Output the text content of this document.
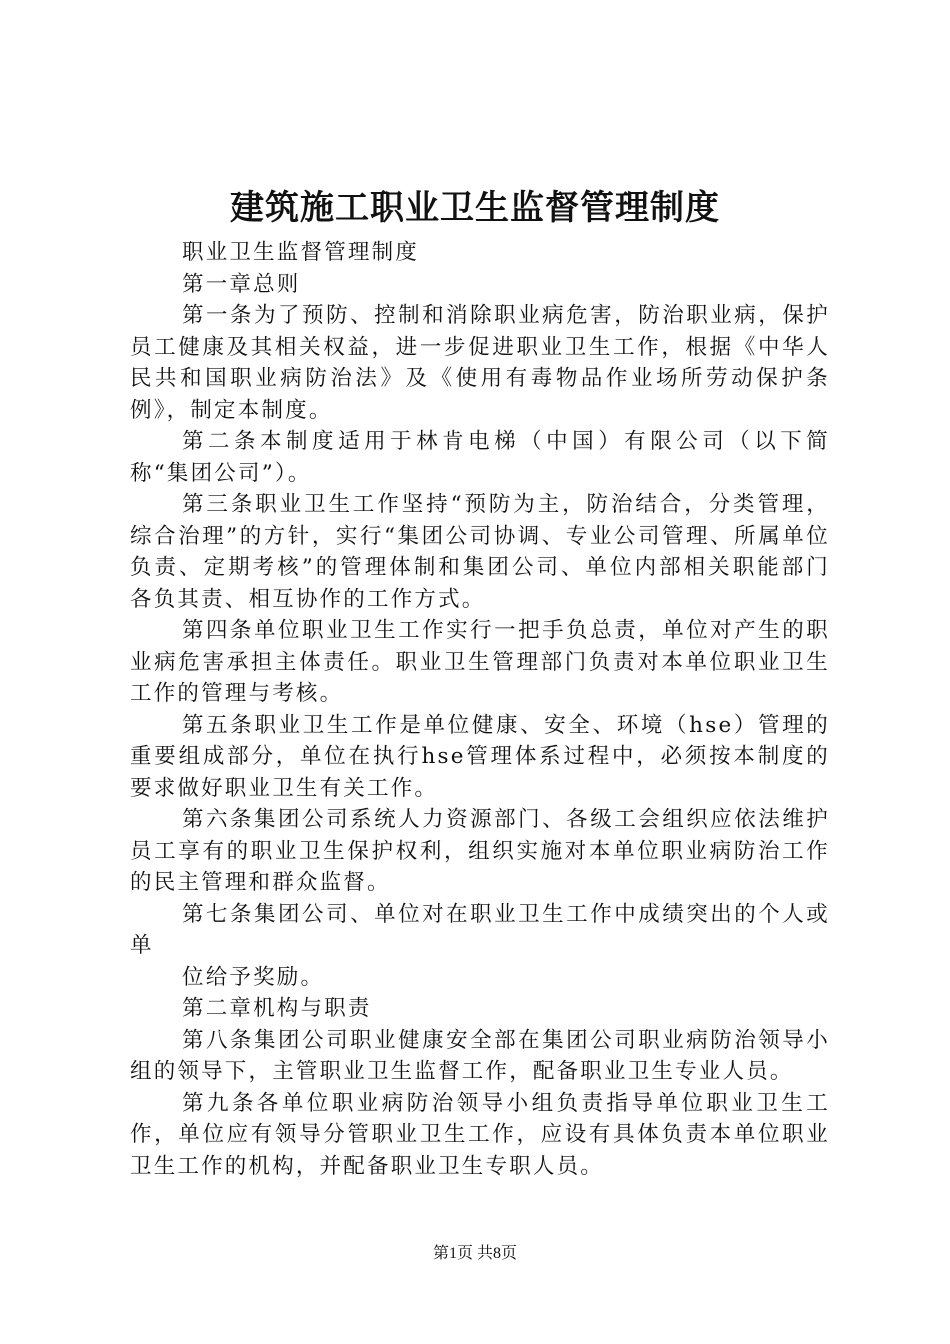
建筑施工职业卫生监督管理制度

职业卫生监督管理制度

第一章总则

第一条为了预防、控制和消除职业病危害，防治职业病，保护员工健康及其相关权益，进一步促进职业卫生工作，根据《中华人民共和国职业病防治法》及《使用有毒物品作业场所劳动保护条例》，制定本制度。

第二条本制度适用于林肯电梯（中国）有限公司（以下简称“集团公司”）。

第三条职业卫生工作坚持“预防为主，防治结合，分类管理，综合治理”的方针，实行“集团公司协调、专业公司管理、所属单位负责、定期考核”的管理体制和集团公司、单位内部相关职能部门各负其责、相互协作的工作方式。

第四条单位职业卫生工作实行一把手负总责，单位对产生的职业病危害承担主体责任。职业卫生管理部门负责对本单位职业卫生工作的管理与考核。

第五条职业卫生工作是单位健康、安全、环境（hse）管理的重要组成部分，单位在执行hse管理体系过程中，必须按本制度的要求做好职业卫生有关工作。

第六条集团公司系统人力资源部门、各级工会组织应依法维护员工享有的职业卫生保护权利，组织实施对本单位职业病防治工作的民主管理和群众监督。

第七条集团公司、单位对在职业卫生工作中成绩突出的个人或单

位给予奖励。

第二章机构与职责

第八条集团公司职业健康安全部在集团公司职业病防治领导小组的领导下，主管职业卫生监督工作，配备职业卫生专业人员。

第九条各单位职业病防治领导小组负责指导单位职业卫生工作，单位应有领导分管职业卫生工作，应设有具体负责本单位职业卫生工作的机构，并配备职业卫生专职人员。

第1页 共8页
